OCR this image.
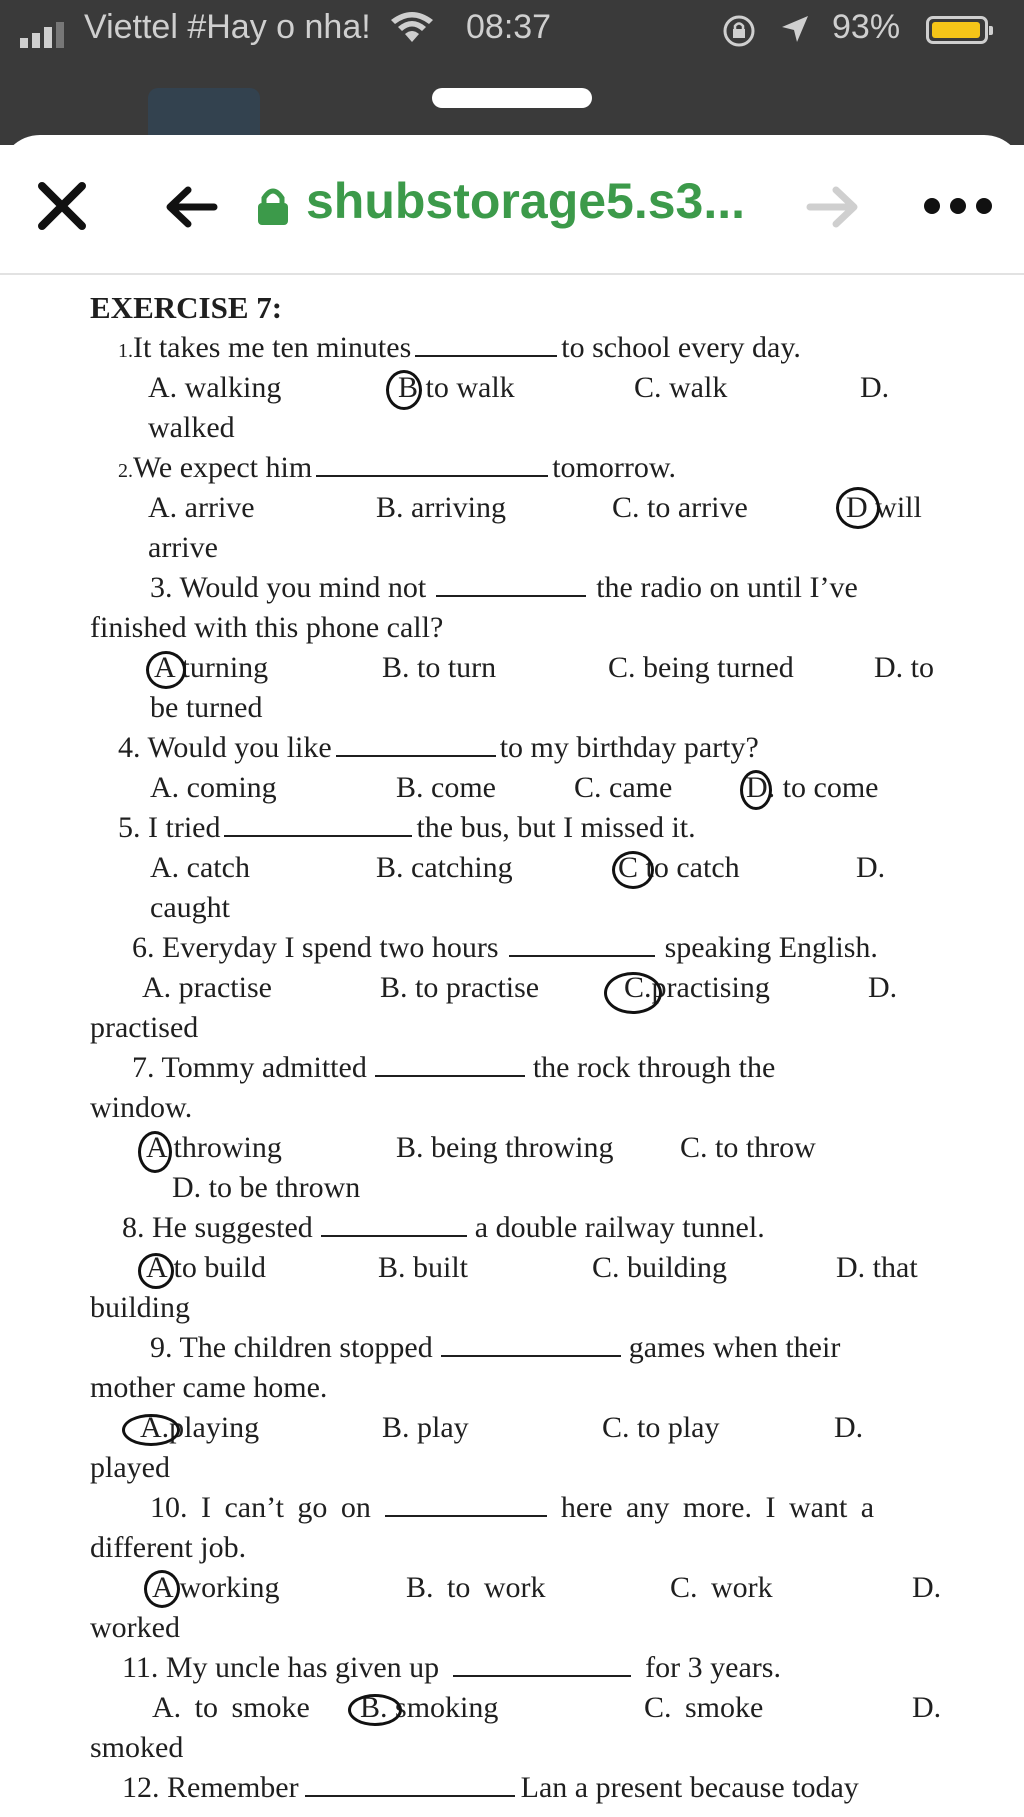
Viettel #Hay o nha!	08:37	93%
shubstorage5.s3...
EXERCISE 7:
1.It takes me ten minutes	to school every day.
A. walking	B to walk	C. walk	D.
walked
2.We expect him	tomorrow.
A. arrive	B. arriving	C. to arrive	D will
arrive
3. Would you mind not	the radio on until I’ve
finished with this phone call?
A turning	B. to turn	C. being turned	D. to
be turned
4. Would you like	to my birthday party?
A. coming	B. come	C. came D. to come
5. I tried	the bus, but I missed it.
A. catch	B. catching	C to catch	D.
caught
6. Everyday I spend two hours	speaking English.
A. practise	B. to practise	C.practising	D.
practised
7. Tommy admitted	the rock through the
window.
A throwing	B. being throwing C. to throw
D. to be thrown
8. He suggested	a double railway tunnel.
A to build	B. built	C. building	D. that
building
9. The children stopped	games when their
mother came home.
A.playing	B. play	C. to play	D.
played
10. I can’t go on	here any more. I want a
different job.
A working	B. to work	C. work	D.
worked
11. My uncle has given up	for 3 years.
A. to smoke B. smoking	C. smoke	D.
smoked
12. Remember	Lan a present because today
